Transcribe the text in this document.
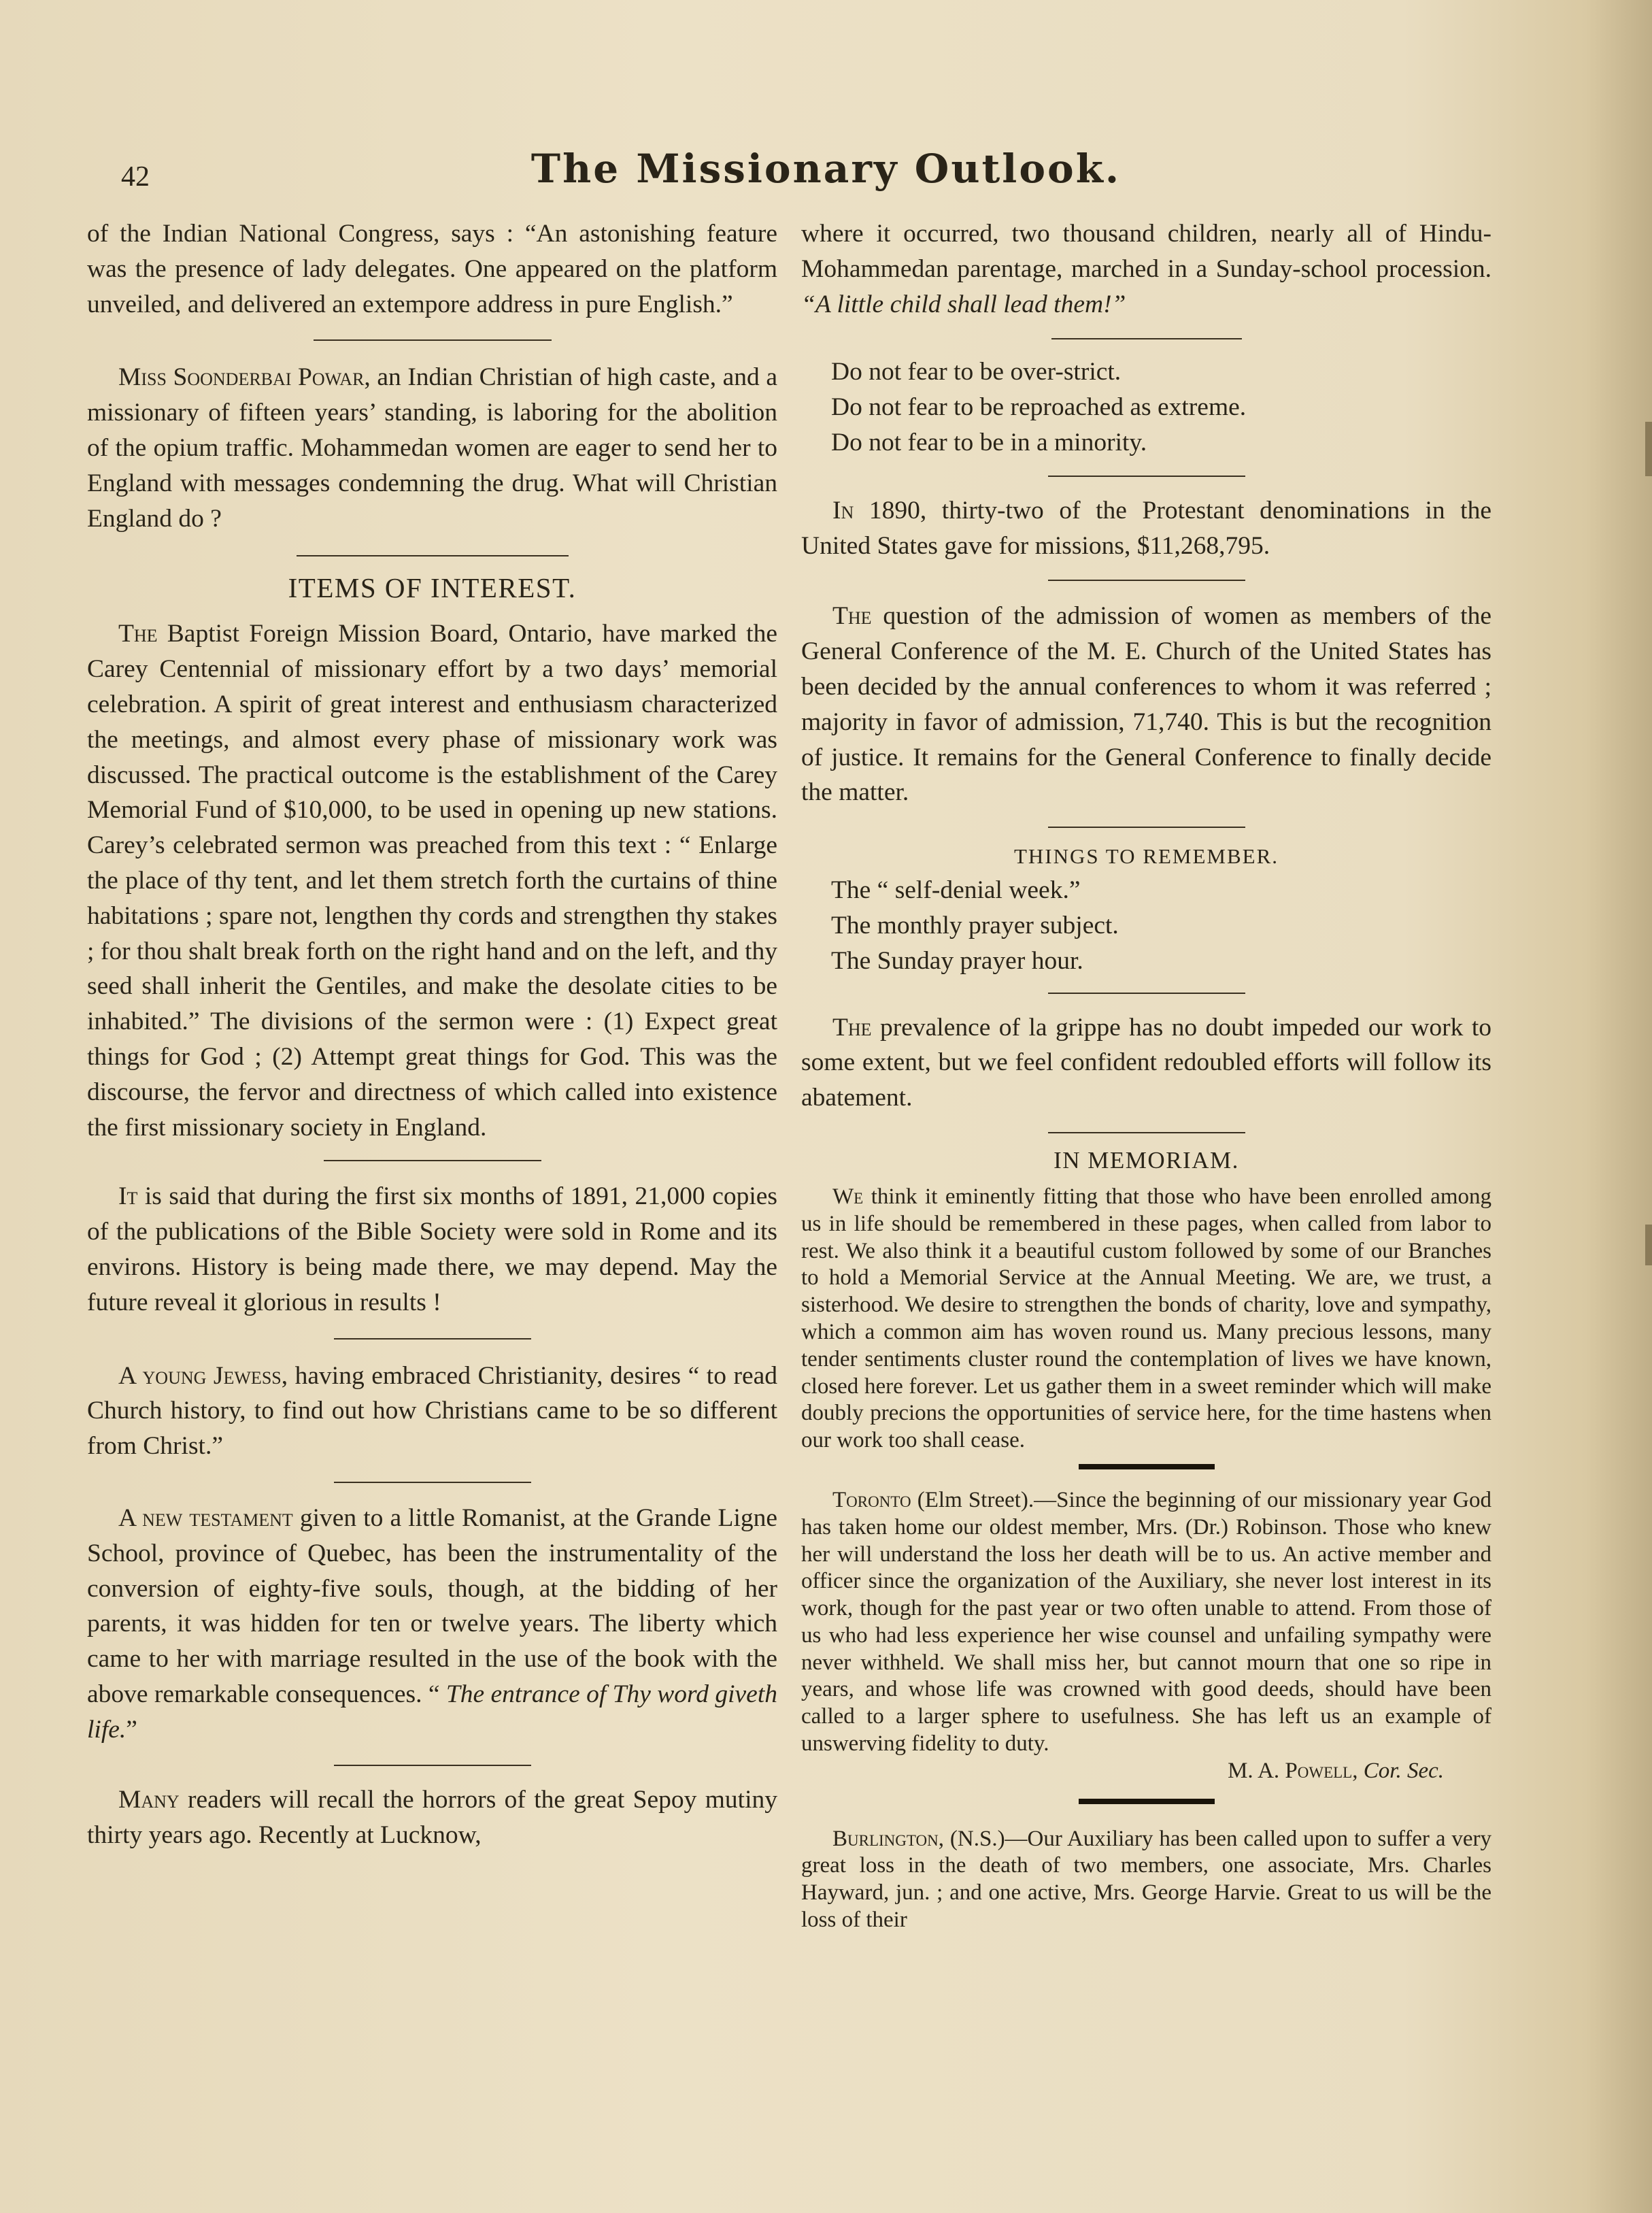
42	The Missionary Outlook.

of the Indian National Congress, says : “An astonishing feature was the presence of lady delegates. One appeared on the platform unveiled, and delivered an extempore address in pure English.”

Miss Soonderbai Powar, an Indian Christian of high caste, and a missionary of fifteen years’ standing, is laboring for the abolition of the opium traffic. Mohammedan women are eager to send her to England with messages condemning the drug. What will Christian England do ?

ITEMS OF INTEREST.

The Baptist Foreign Mission Board, Ontario, have marked the Carey Centennial of missionary effort by a two days’ memorial celebration. A spirit of great interest and enthusiasm characterized the meetings, and almost every phase of missionary work was discussed. The practical outcome is the establishment of the Carey Memorial Fund of $10,000, to be used in opening up new stations. Carey’s celebrated sermon was preached from this text : “ Enlarge the place of thy tent, and let them stretch forth the curtains of thine habitations ; spare not, lengthen thy cords and strengthen thy stakes ; for thou shalt break forth on the right hand and on the left, and thy seed shall inherit the Gentiles, and make the desolate cities to be inhabited.” The divisions of the sermon were : (1) Expect great things for God ; (2) Attempt great things for God. This was the discourse, the fervor and directness of which called into existence the first missionary society in England.

It is said that during the first six months of 1891, 21,000 copies of the publications of the Bible Society were sold in Rome and its environs. History is being made there, we may depend. May the future reveal it glorious in results !

A young Jewess, having embraced Christianity, desires “ to read Church history, to find out how Christians came to be so different from Christ.”

A new testament given to a little Romanist, at the Grande Ligne School, province of Quebec, has been the instrumentality of the conversion of eighty-five souls, though, at the bidding of her parents, it was hidden for ten or twelve years. The liberty which came to her with marriage resulted in the use of the book with the above remarkable consequences. “ The entrance of Thy word giveth life.”

Many readers will recall the horrors of the great Sepoy mutiny thirty years ago. Recently at Lucknow,

where it occurred, two thousand children, nearly all of Hindu-Mohammedan parentage, marched in a Sunday-school procession. “A little child shall lead them!”

Do not fear to be over-strict.

Do not fear to be reproached as extreme.

Do not fear to be in a minority.

In 1890, thirty-two of the Protestant denominations in the United States gave for missions, $11,268,795.

The question of the admission of women as members of the General Conference of the M. E. Church of the United States has been decided by the annual conferences to whom it was referred ; majority in favor of admission, 71,740. This is but the recognition of justice. It remains for the General Conference to finally decide the matter.

THINGS TO REMEMBER.

The “ self-denial week.”

The monthly prayer subject.

The Sunday prayer hour.

The prevalence of la grippe has no doubt impeded our work to some extent, but we feel confident redoubled efforts will follow its abatement.

IN MEMORIAM.

We think it eminently fitting that those who have been enrolled among us in life should be remembered in these pages, when called from labor to rest. We also think it a beautiful custom followed by some of our Branches to hold a Memorial Service at the Annual Meeting. We are, we trust, a sisterhood. We desire to strengthen the bonds of charity, love and sympathy, which a common aim has woven round us. Many precious lessons, many tender sentiments cluster round the contemplation of lives we have known, closed here forever. Let us gather them in a sweet reminder which will make doubly precions the opportunities of service here, for the time hastens when our work too shall cease.

Toronto (Elm Street).—Since the beginning of our missionary year God has taken home our oldest member, Mrs. (Dr.) Robinson. Those who knew her will understand the loss her death will be to us. An active member and officer since the organization of the Auxiliary, she never lost interest in its work, though for the past year or two often unable to attend. From those of us who had less experience her wise counsel and unfailing sympathy were never withheld. We shall miss her, but cannot mourn that one so ripe in years, and whose life was crowned with good deeds, should have been called to a larger sphere to usefulness. She has left us an example of unswerving fidelity to duty.

M. A. Powell, Cor. Sec.

Burlington, (N.S.)—Our Auxiliary has been called upon to suffer a very great loss in the death of two members, one associate, Mrs. Charles Hayward, jun. ; and one active, Mrs. George Harvie. Great to us will be the loss of their
